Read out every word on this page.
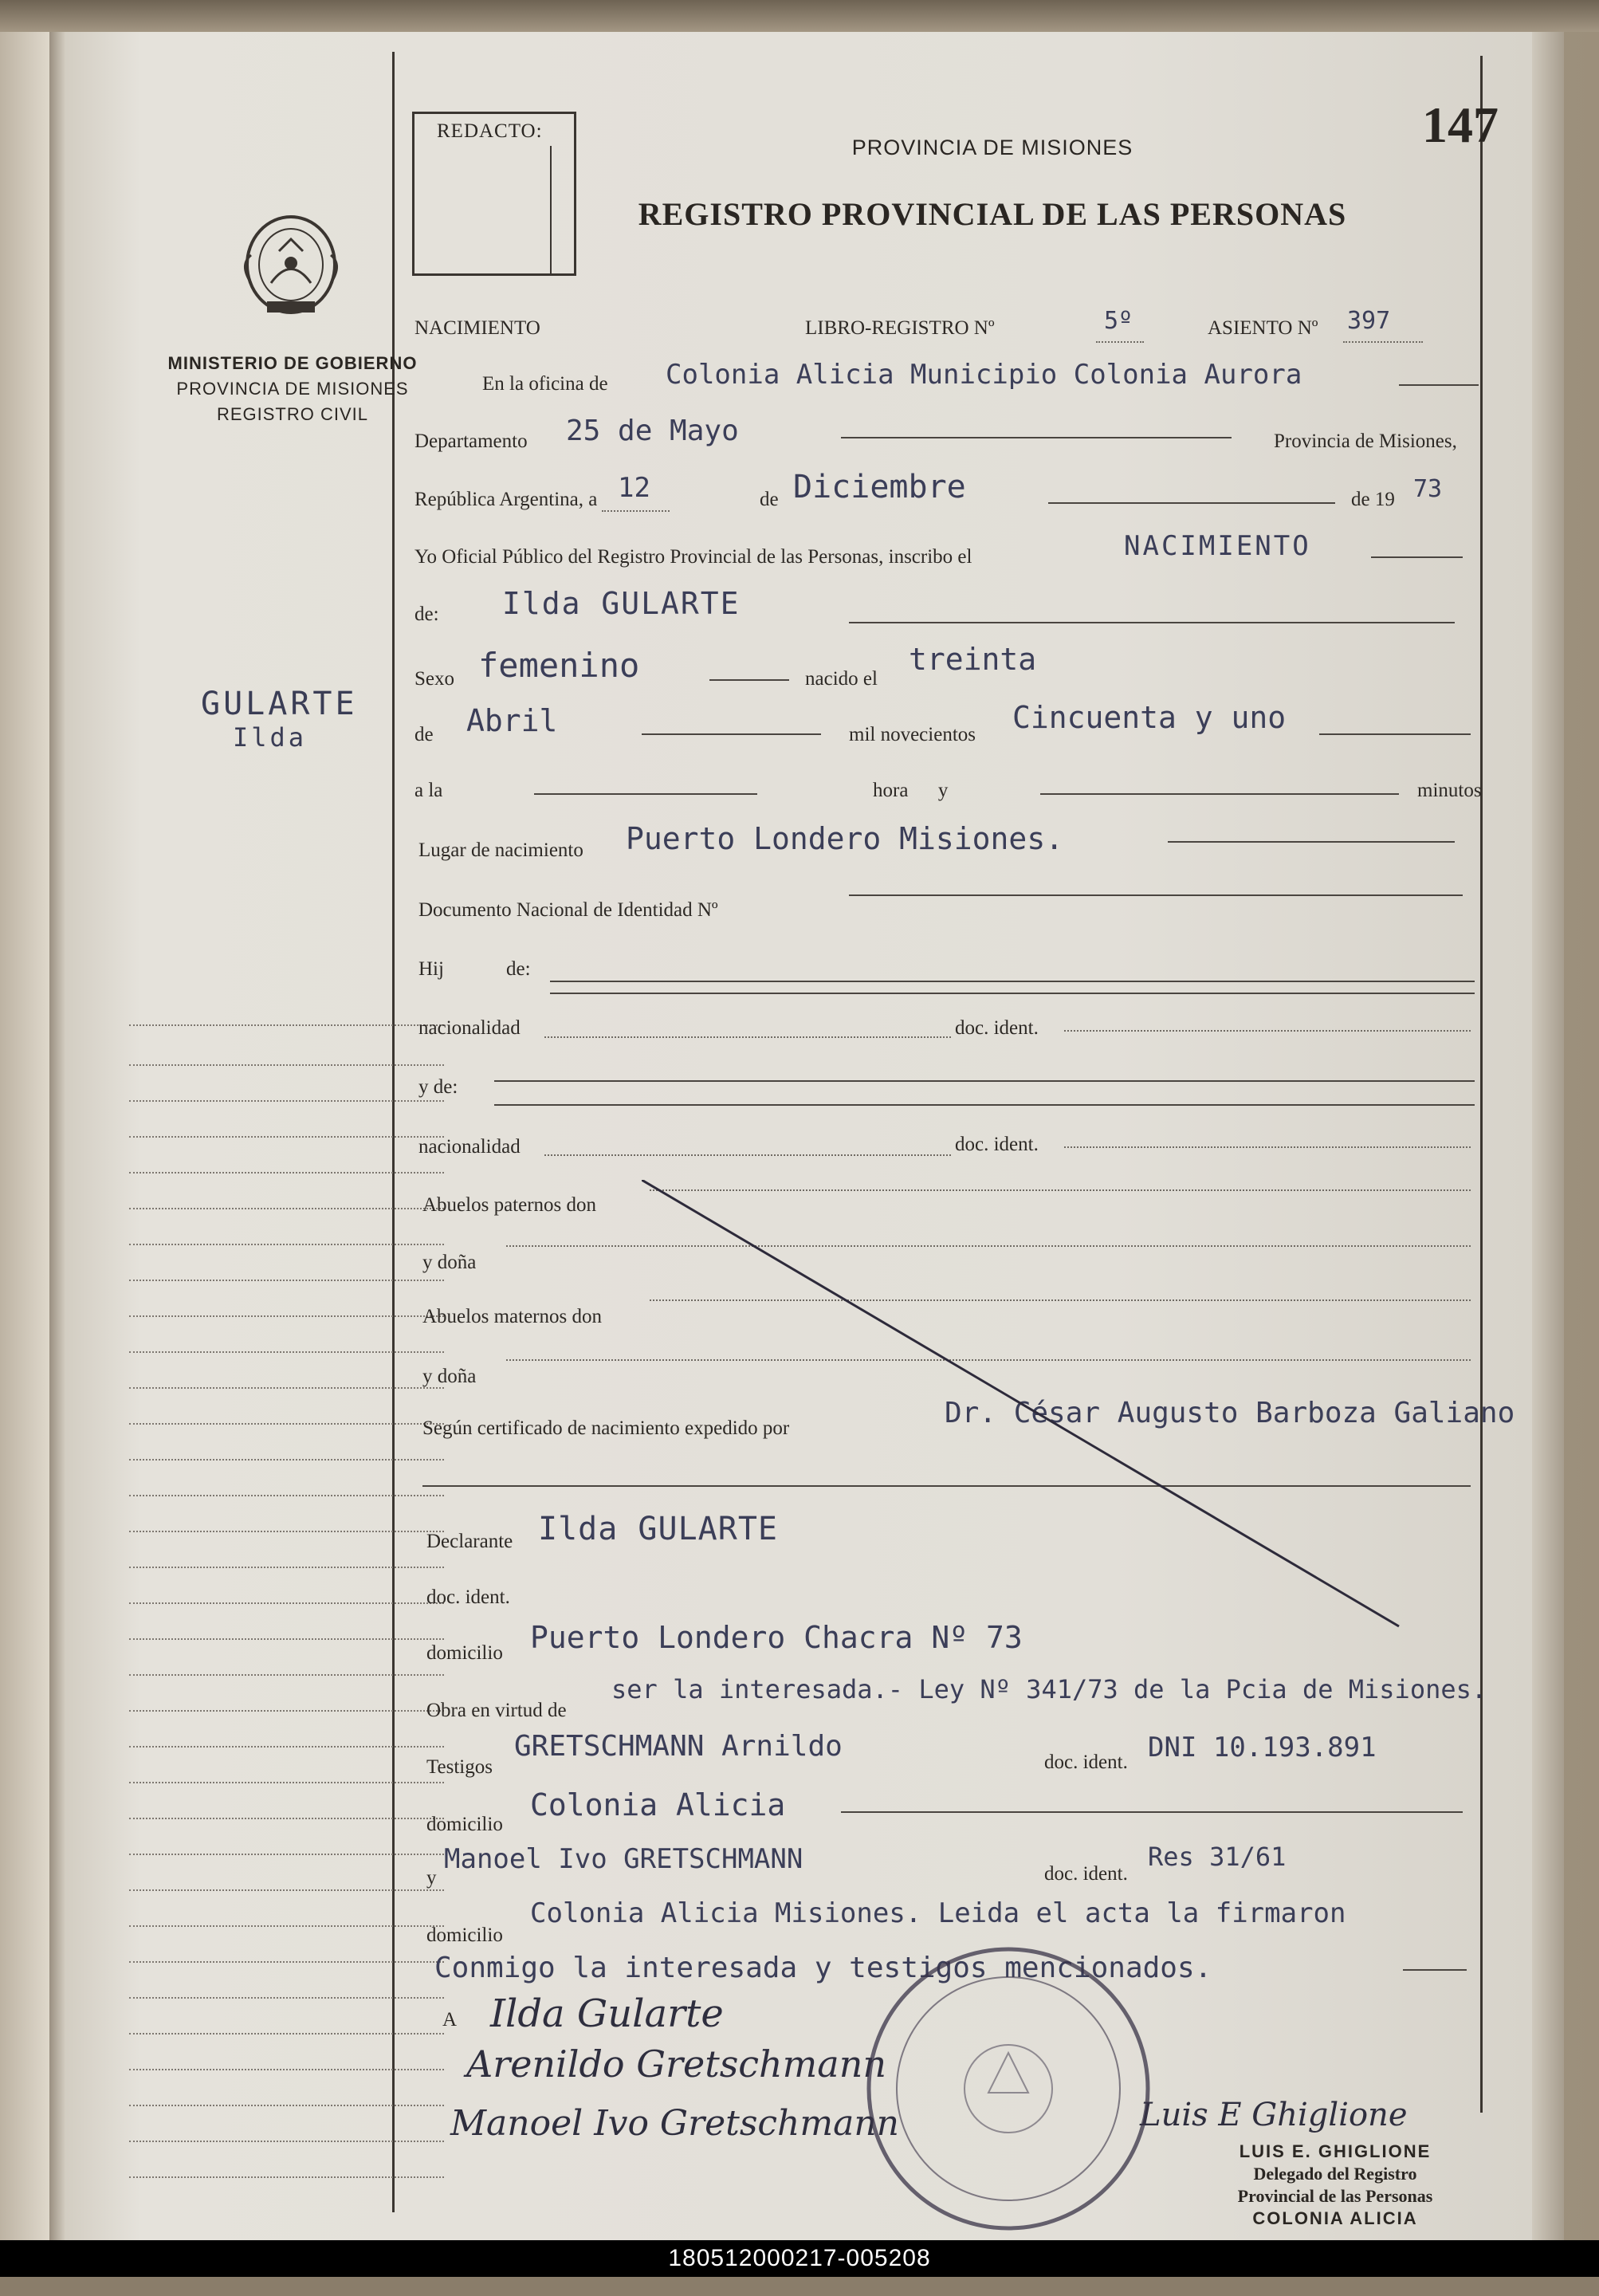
MINISTERIO DE GOBIERNO
PROVINCIA DE MISIONES
REGISTRO CIVIL
GULARTE
Ilda
REDACTO:	147
PROVINCIA DE MISIONES
REGISTRO PROVINCIAL DE LAS PERSONAS
NACIMIENTO	LIBRO-REGISTRO Nº	5º	ASIENTO Nº 397
En la oficina de Colonia Alicia Municipio Colonia Aurora
Departamento 25 de Mayo	Provincia de Misiones,
República Argentina, a 12	de Diciembre	de 19 73
Yo Oficial Público del Registro Provincial de las Personas, inscribo el	NACIMIENTO
de: Ilda GULARTE
Sexo femenino	nacido el
treinta
de Abril	mil novecientos Cincuenta y uno
a la	hora      y	minutos
Lugar de nacimiento Puerto Londero Misiones.
Documento Nacional de Identidad Nº
Hij	de:
nacionalidad	doc. ident.
y de:
nacionalidad	doc. ident.
Abuelos paternos don
y doña
Abuelos maternos don
y doña
Según certificado de nacimiento expedido por	Dr. César Augusto Barboza Galiano
Declarante Ilda GULARTE
doc. ident.
domicilio Puerto Londero Chacra Nº 73
Obra en virtud de
ser la interesada.- Ley Nº 341/73 de la Pcia de Misiones.
Testigos
GRETSCHMANN Arnildo	doc. ident. DNI 10.193.891
domicilio
Colonia Alicia
y
Manoel Ivo GRETSCHMANN	doc. ident.
Res 31/61
domicilio
Colonia Alicia Misiones. Leida el acta la firmaron
Conmigo la interesada y testigos mencionados.
A Ilda Gularte
Arenildo Gretschmann
Manoel Ivo Gretschmann	Luis E Ghiglione
LUIS E. GHIGLIONE
Delegado del Registro
Provincial de las Personas
COLONIA ALICIA
180512000217-005208
